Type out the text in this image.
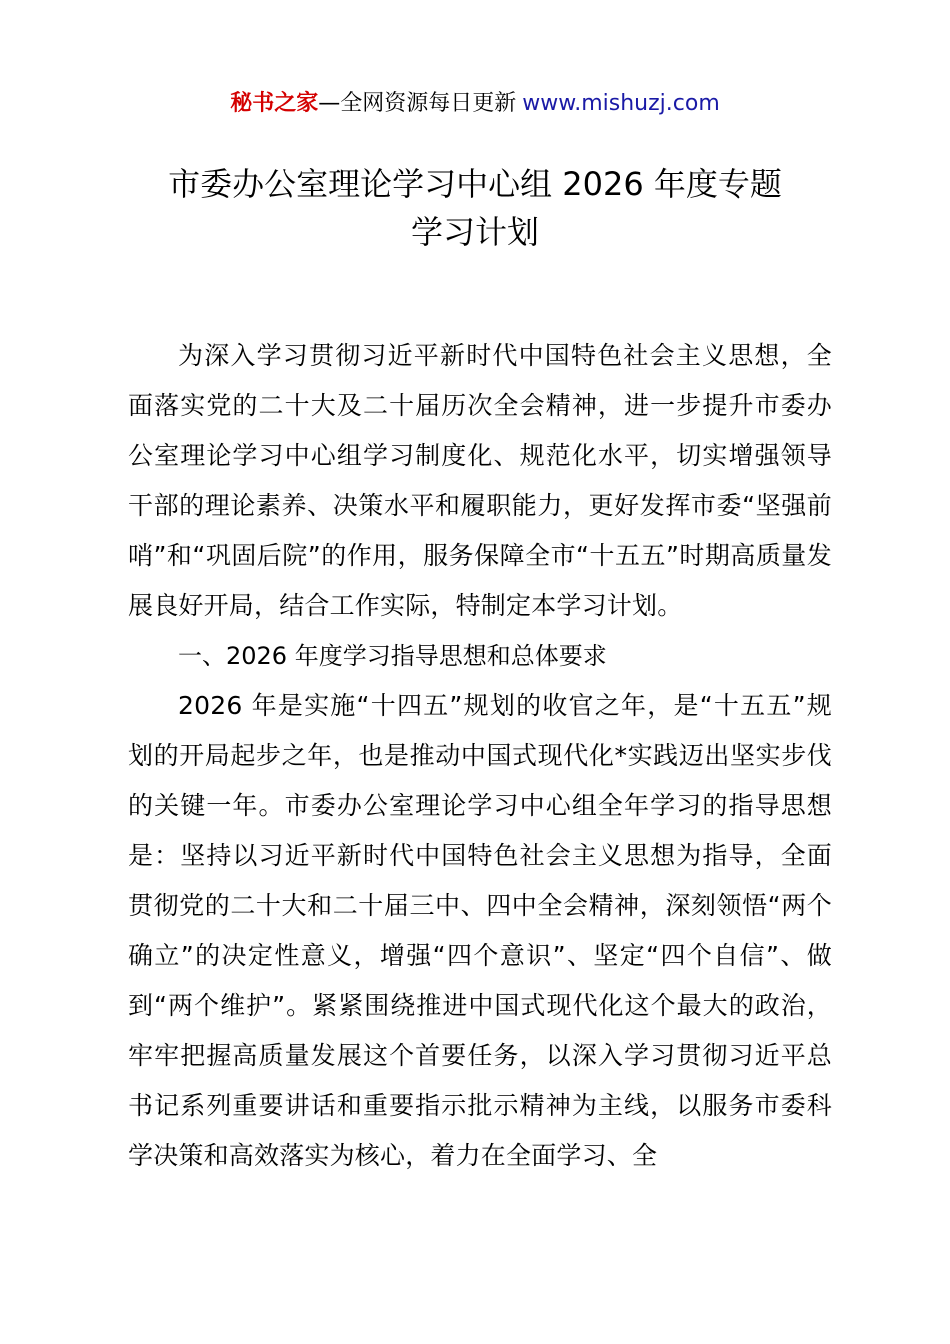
秘书之家—全网资源每日更新 www.mishuzj.com
市委办公室理论学习中心组 2026 年度专题
学习计划

为深入学习贯彻习近平新时代中国特色社会主义思想，全面落实党的二十大及二十届历次全会精神，进一步提升市委办公室理论学习中心组学习制度化、规范化水平，切实增强领导干部的理论素养、决策水平和履职能力，更好发挥市委“坚强前哨”和“巩固后院”的作用，服务保障全市“十五五”时期高质量发展良好开局，结合工作实际，特制定本学习计划。

一、2026 年度学习指导思想和总体要求

2026 年是实施“十四五”规划的收官之年，是“十五五”规划的开局起步之年，也是推动中国式现代化*实践迈出坚实步伐的关键一年。市委办公室理论学习中心组全年学习的指导思想是：坚持以习近平新时代中国特色社会主义思想为指导，全面贯彻党的二十大和二十届三中、四中全会精神，深刻领悟“两个确立”的决定性意义，增强“四个意识”、坚定“四个自信”、做到“两个维护”。紧紧围绕推进中国式现代化这个最大的政治，牢牢把握高质量发展这个首要任务，以深入学习贯彻习近平总书记系列重要讲话和重要指示批示精神为主线，以服务市委科学决策和高效落实为核心，着力在全面学习、全
